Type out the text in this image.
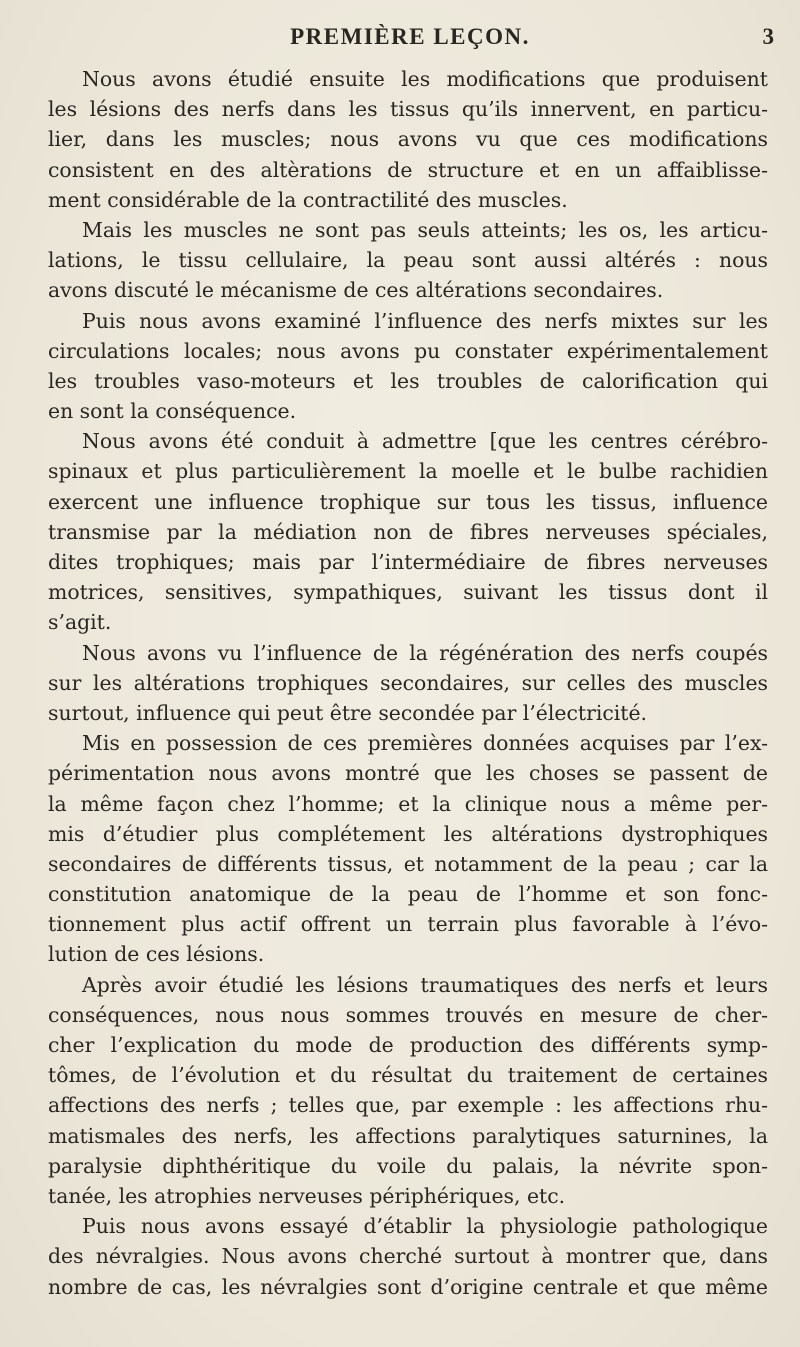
PREMIÈRE LEÇON.	3
Nous avons étudié ensuite les modifications que produisent
les lésions des nerfs dans les tissus qu’ils innervent, en particu-
lier, dans les muscles; nous avons vu que ces modifications
consistent en des altèrations de structure et en un affaiblisse-
ment considérable de la contractilité des muscles.
Mais les muscles ne sont pas seuls atteints; les os, les articu-
lations, le tissu cellulaire, la peau sont aussi altérés : nous
avons discuté le mécanisme de ces altérations secondaires.
Puis nous avons examiné l’influence des nerfs mixtes sur les
circulations locales; nous avons pu constater expérimentalement
les troubles vaso-moteurs et les troubles de calorification qui
en sont la conséquence.
Nous avons été conduit à admettre [que les centres cérébro-
spinaux et plus particulièrement la moelle et le bulbe rachidien
exercent une influence trophique sur tous les tissus, influence
transmise par la médiation non de fibres nerveuses spéciales,
dites trophiques; mais par l’intermédiaire de fibres nerveuses
motrices, sensitives, sympathiques, suivant les tissus dont il
s’agit.
Nous avons vu l’influence de la régénération des nerfs coupés
sur les altérations trophiques secondaires, sur celles des muscles
surtout, influence qui peut être secondée par l’électricité.
Mis en possession de ces premières données acquises par l’ex-
périmentation nous avons montré que les choses se passent de
la même façon chez l’homme; et la clinique nous a même per-
mis d’étudier plus complétement les altérations dystrophiques
secondaires de différents tissus, et notamment de la peau ; car la
constitution anatomique de la peau de l’homme et son fonc-
tionnement plus actif offrent un terrain plus favorable à l’évo-
lution de ces lésions.
Après avoir étudié les lésions traumatiques des nerfs et leurs
conséquences, nous nous sommes trouvés en mesure de cher-
cher l’explication du mode de production des différents symp-
tômes, de l’évolution et du résultat du traitement de certaines
affections des nerfs ; telles que, par exemple : les affections rhu-
matismales des nerfs, les affections paralytiques saturnines, la
paralysie diphthéritique du voile du palais, la névrite spon-
tanée, les atrophies nerveuses périphériques, etc.
Puis nous avons essayé d’établir la physiologie pathologique
des névralgies. Nous avons cherché surtout à montrer que, dans
nombre de cas, les névralgies sont d’origine centrale et que même
